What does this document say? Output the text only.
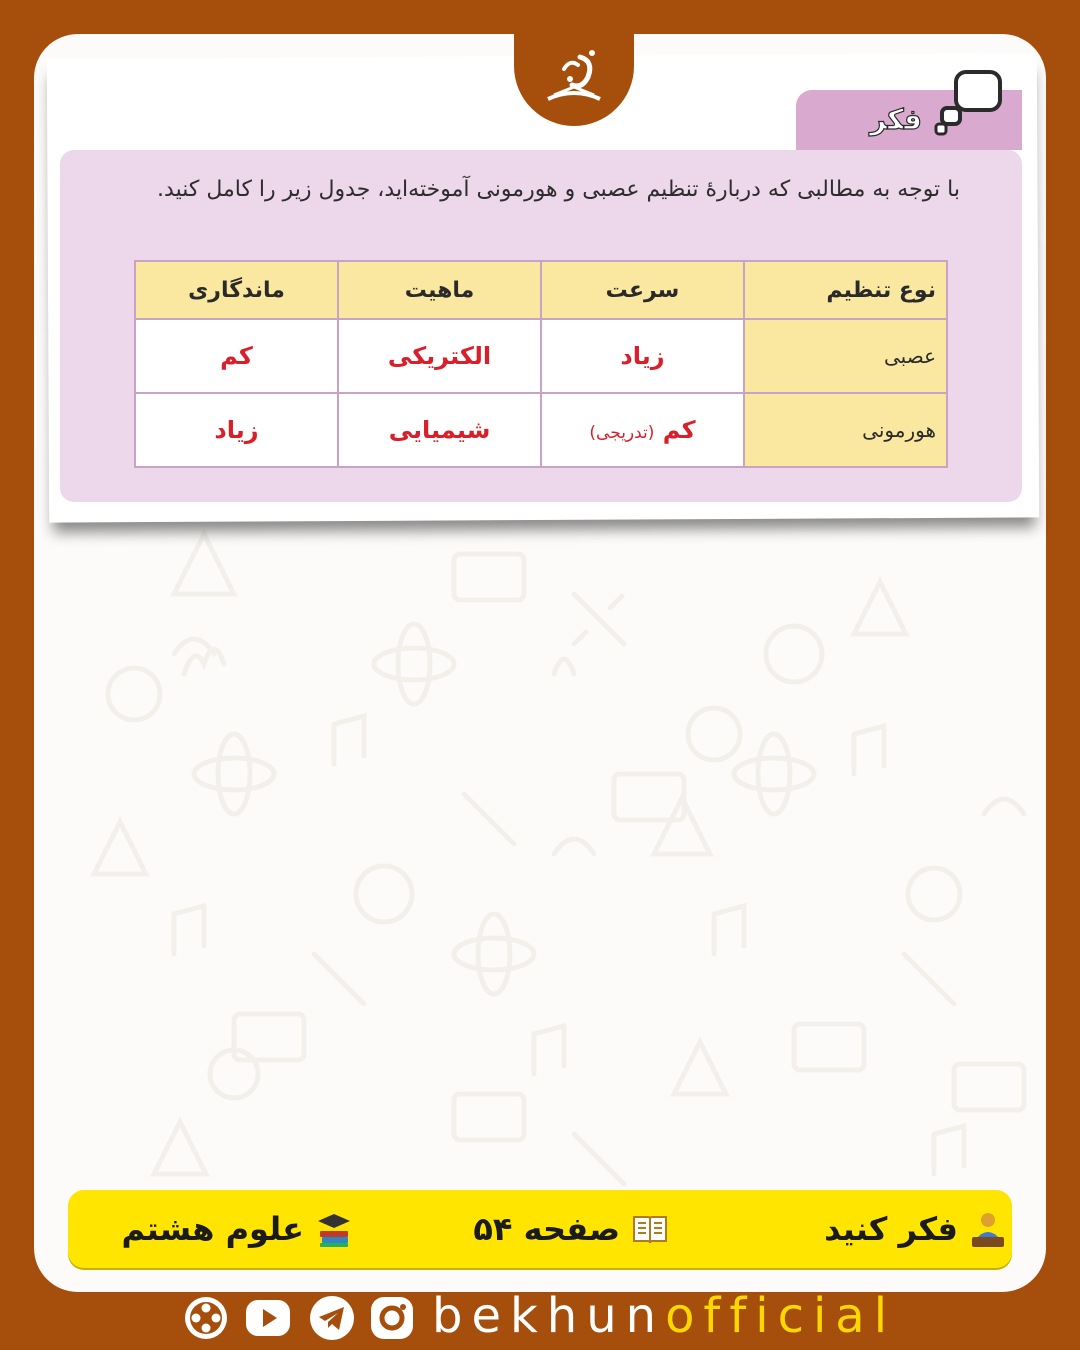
فکر
با توجه به مطالبی که دربارهٔ تنظیم عصبی و هورمونی آموخته‌اید، جدول زیر را کامل کنید.
نوع تنظیم	سرعت	ماهیت	ماندگاری
عصبی	زیاد	الکتریکی	کم
هورمونی	کم (تدریجی)	شیمیایی	زیاد
فکر کنید
صفحه ۵۴
علوم هشتم
bekhunofficial
